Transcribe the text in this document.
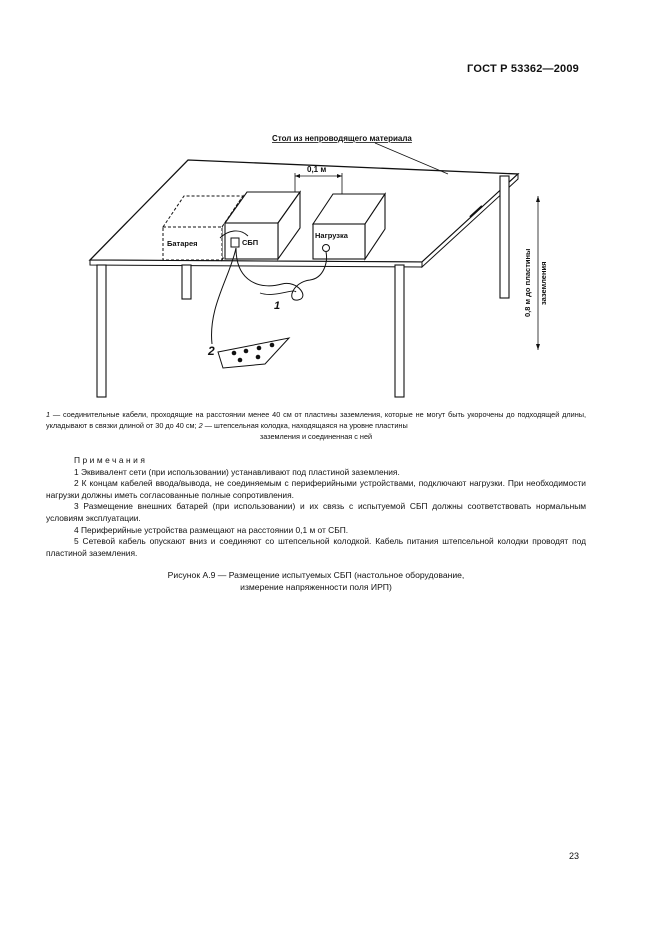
ГОСТ Р 53362—2009
Стол из непроводящего материала
0,1 м
Батарея	СБП
Нагрузка
1
2
0,8 м до пластины заземления
1 — соединительные кабели, проходящие на расстоянии менее 40 см от пластины заземления, которые не могут быть укорочены до подходящей длины, укладывают в связки длиной от 30 до 40 см; 2 — штепсельная колодка, находящаяся на уровне пластины
заземления и соединенная с ней
Примечания

1 Эквивалент сети (при использовании) устанавливают под пластиной заземления.

2 К концам кабелей ввода/вывода, не соединяемым с периферийными устройствами, подключают нагрузки. При необходимости нагрузки должны иметь согласованные полные сопротивления.

3 Размещение внешних батарей (при использовании) и их связь с испытуемой СБП должны соответствовать нормальным условиям эксплуатации.

4 Периферийные устройства размещают на расстоянии 0,1 м от СБП.

5 Сетевой кабель опускают вниз и соединяют со штепсельной колодкой. Кабель питания штепсельной колодки проводят под пластиной заземления.

Рисунок А.9 — Размещение испытуемых СБП (настольное оборудование,
измерение напряженности поля ИРП)
23
